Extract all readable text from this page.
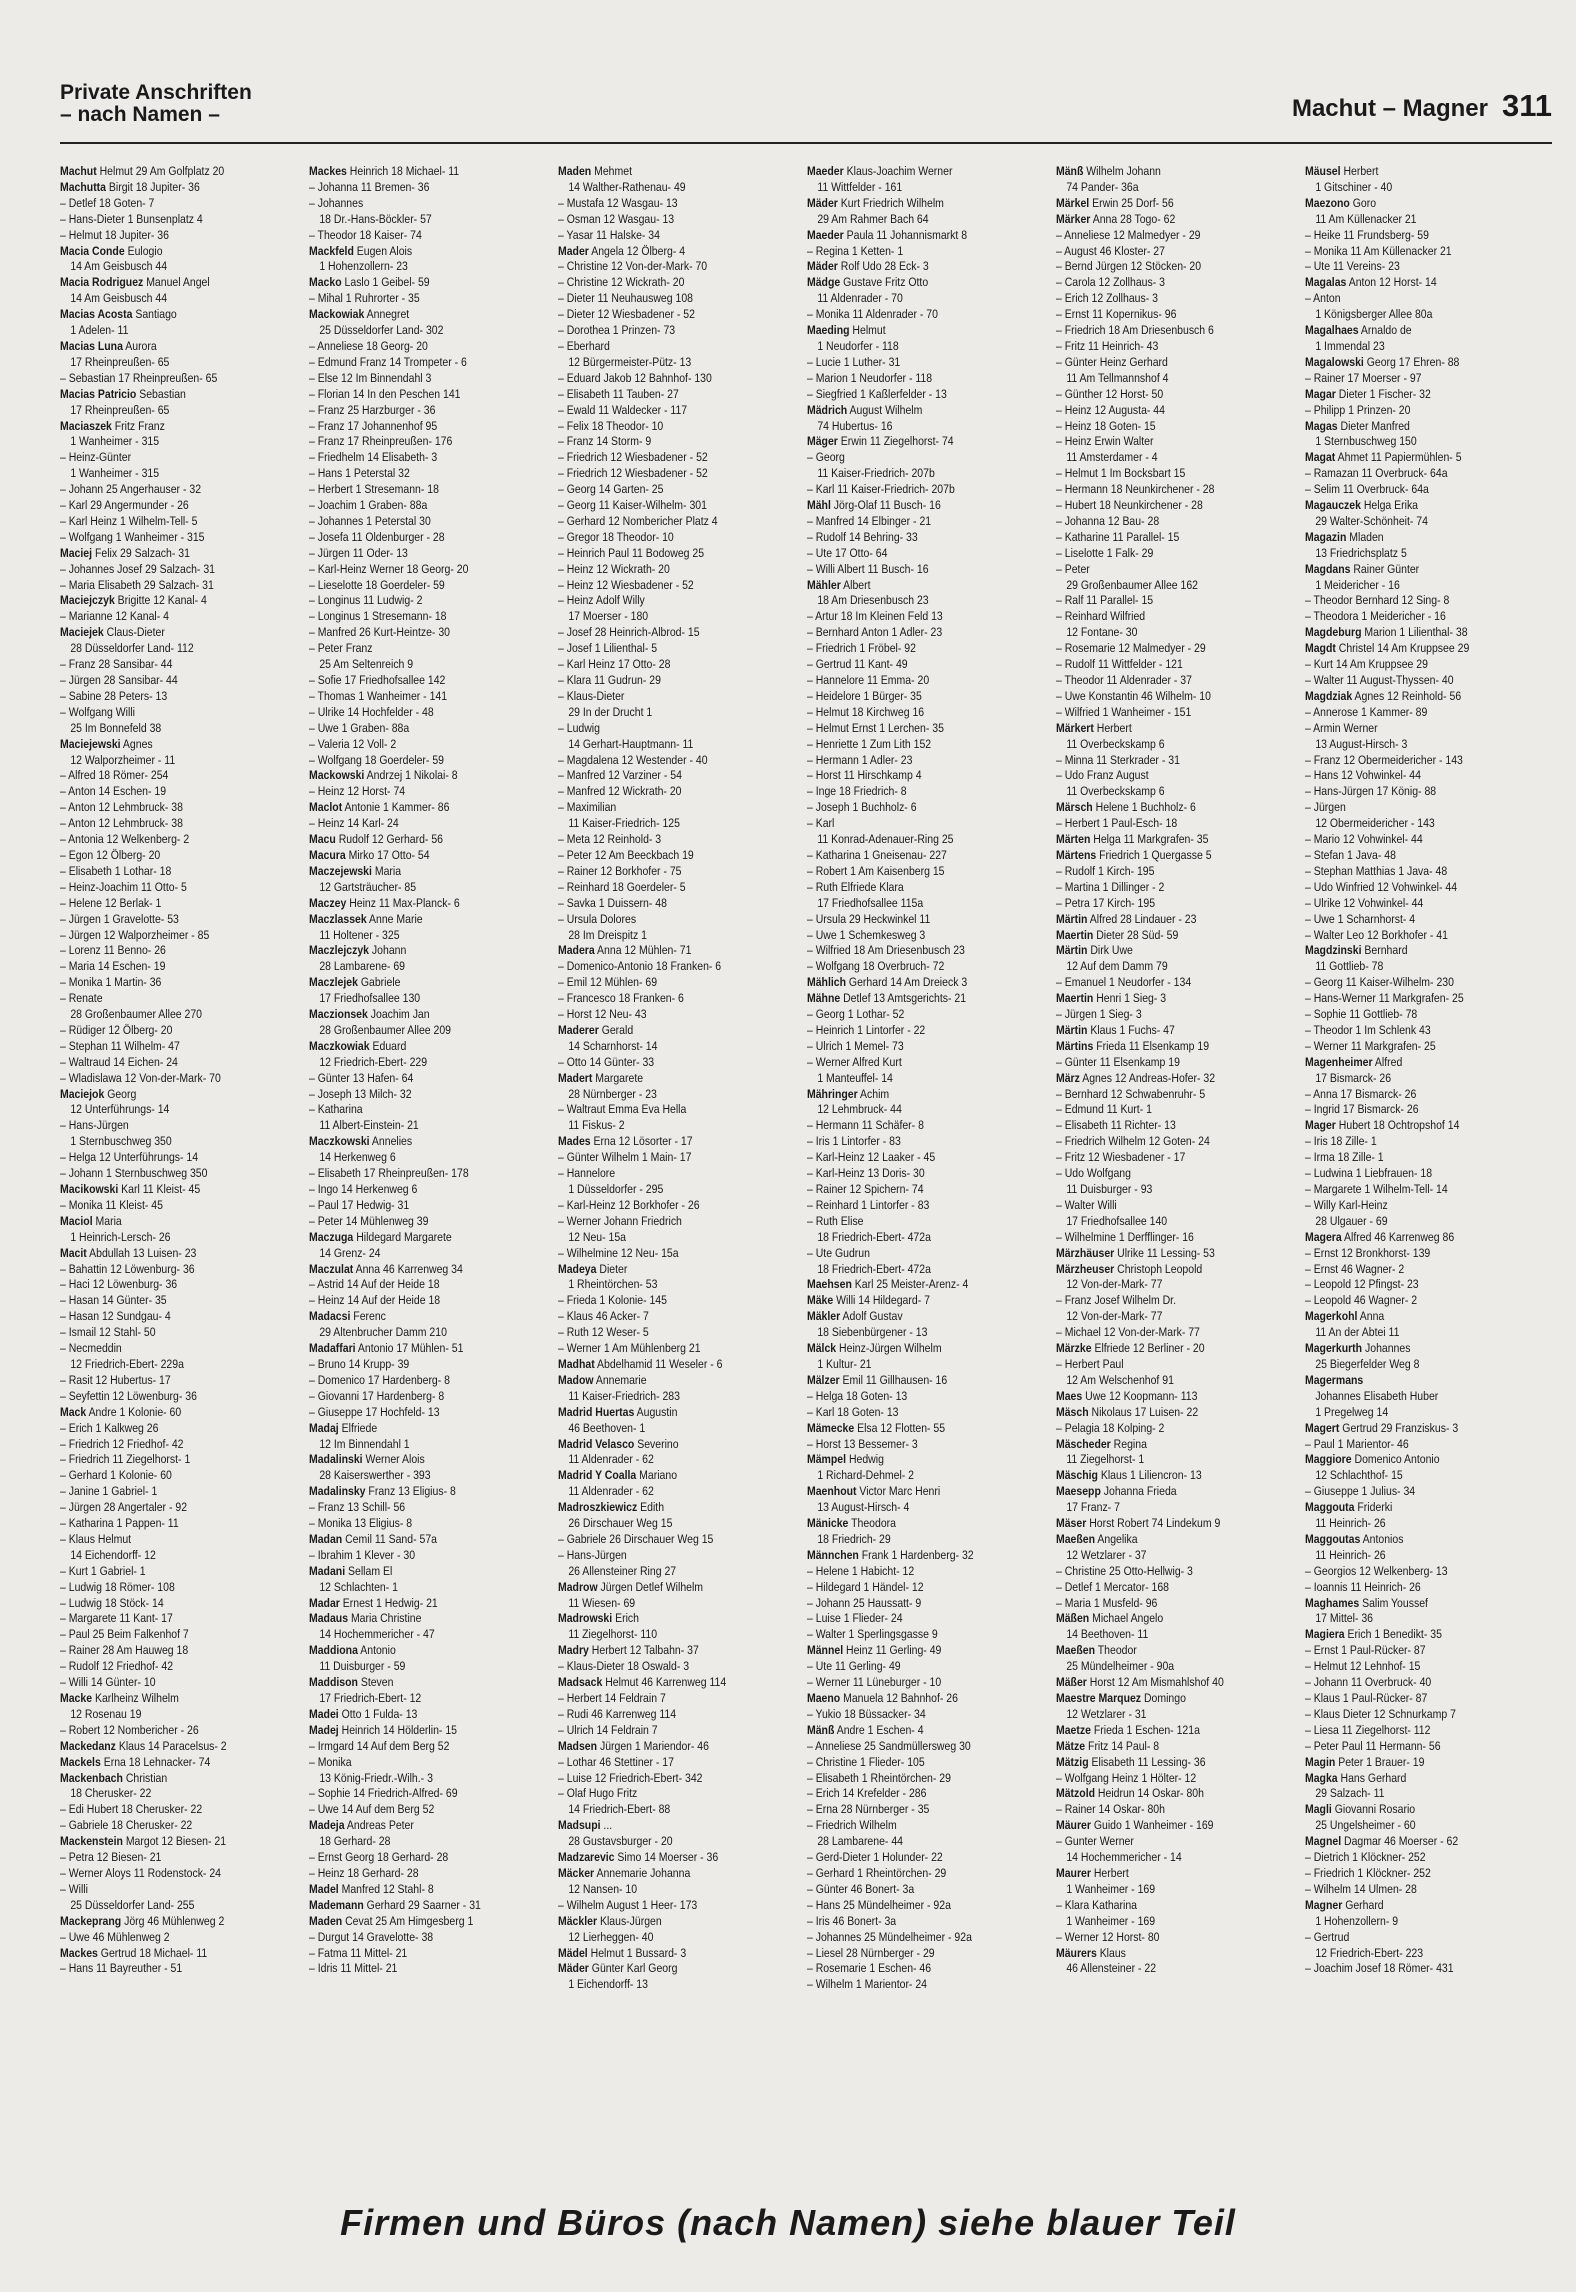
Private Anschriften
– nach Namen –	Machut – Magner 311
Machut Helmut 29 Am Golfplatz 20
Machutta Birgit 18 Jupiter- 36
– Detlef 18 Goten- 7
– Hans-Dieter 1 Bunsenplatz 4
– Helmut 18 Jupiter- 36
Macia Conde Eulogio
14 Am Geisbusch 44
Macia Rodriguez Manuel Angel
14 Am Geisbusch 44
Macias Acosta Santiago
1 Adelen- 11
Macias Luna Aurora
17 Rheinpreußen- 65
– Sebastian 17 Rheinpreußen- 65
Macias Patricio Sebastian
17 Rheinpreußen- 65
Maciaszek Fritz Franz
1 Wanheimer - 315
– Heinz-Günter
1 Wanheimer - 315
– Johann 25 Angerhauser - 32
– Karl 29 Angermunder - 26
– Karl Heinz 1 Wilhelm-Tell- 5
– Wolfgang 1 Wanheimer - 315
Maciej Felix 29 Salzach- 31
– Johannes Josef 29 Salzach- 31
– Maria Elisabeth 29 Salzach- 31
Maciejczyk Brigitte 12 Kanal- 4
– Marianne 12 Kanal- 4
Maciejek Claus-Dieter
28 Düsseldorfer Land- 112
– Franz 28 Sansibar- 44
– Jürgen 28 Sansibar- 44
– Sabine 28 Peters- 13
– Wolfgang Willi
25 Im Bonnefeld 38
Maciejewski Agnes
12 Walporzheimer - 11
– Alfred 18 Römer- 254
– Anton 14 Eschen- 19
– Anton 12 Lehmbruck- 38
– Anton 12 Lehmbruck- 38
– Antonia 12 Welkenberg- 2
– Egon 12 Ölberg- 20
– Elisabeth 1 Lothar- 18
– Heinz-Joachim 11 Otto- 5
– Helene 12 Berlak- 1
– Jürgen 1 Gravelotte- 53
– Jürgen 12 Walporzheimer - 85
– Lorenz 11 Benno- 26
– Maria 14 Eschen- 19
– Monika 1 Martin- 36
– Renate
28 Großenbaumer Allee 270
– Rüdiger 12 Ölberg- 20
– Stephan 11 Wilhelm- 47
– Waltraud 14 Eichen- 24
– Wladislawa 12 Von-der-Mark- 70
Maciejok Georg
12 Unterführungs- 14
– Hans-Jürgen
1 Sternbuschweg 350
– Helga 12 Unterführungs- 14
– Johann 1 Sternbuschweg 350
Macikowski Karl 11 Kleist- 45
– Monika 11 Kleist- 45
Maciol Maria
1 Heinrich-Lersch- 26
Macit Abdullah 13 Luisen- 23
– Bahattin 12 Löwenburg- 36
– Haci 12 Löwenburg- 36
– Hasan 14 Günter- 35
– Hasan 12 Sundgau- 4
– Ismail 12 Stahl- 50
– Necmeddin
12 Friedrich-Ebert- 229a
– Rasit 12 Hubertus- 17
– Seyfettin 12 Löwenburg- 36
Mack Andre 1 Kolonie- 60
– Erich 1 Kalkweg 26
– Friedrich 12 Friedhof- 42
– Friedrich 11 Ziegelhorst- 1
– Gerhard 1 Kolonie- 60
– Janine 1 Gabriel- 1
– Jürgen 28 Angertaler - 92
– Katharina 1 Pappen- 11
– Klaus Helmut
14 Eichendorff- 12
– Kurt 1 Gabriel- 1
– Ludwig 18 Römer- 108
– Ludwig 18 Stöck- 14
– Margarete 11 Kant- 17
– Paul 25 Beim Falkenhof 7
– Rainer 28 Am Hauweg 18
– Rudolf 12 Friedhof- 42
– Willi 14 Günter- 10
Macke Karlheinz Wilhelm
12 Rosenau 19
– Robert 12 Nombericher - 26
Mackedanz Klaus 14 Paracelsus- 2
Mackels Erna 18 Lehnacker- 74
Mackenbach Christian
18 Cherusker- 22
– Edi Hubert 18 Cherusker- 22
– Gabriele 18 Cherusker- 22
Mackenstein Margot 12 Biesen- 21
– Petra 12 Biesen- 21
– Werner Aloys 11 Rodenstock- 24
– Willi
25 Düsseldorfer Land- 255
Mackeprang Jörg 46 Mühlenweg 2
– Uwe 46 Mühlenweg 2
Mackes Gertrud 18 Michael- 11
– Hans 11 Bayreuther - 51
Mackes Heinrich 18 Michael- 11
– Johanna 11 Bremen- 36
– Johannes
18 Dr.-Hans-Böckler- 57
– Theodor 18 Kaiser- 74
Mackfeld Eugen Alois
1 Hohenzollern- 23
Macko Laslo 1 Geibel- 59
– Mihal 1 Ruhrorter - 35
Mackowiak Annegret
25 Düsseldorfer Land- 302
– Anneliese 18 Georg- 20
– Edmund Franz 14 Trompeter - 6
– Else 12 Im Binnendahl 3
– Florian 14 In den Peschen 141
– Franz 25 Harzburger - 36
– Franz 17 Johannenhof 95
– Franz 17 Rheinpreußen- 176
– Friedhelm 14 Elisabeth- 3
– Hans 1 Peterstal 32
– Herbert 1 Stresemann- 18
– Joachim 1 Graben- 88a
– Johannes 1 Peterstal 30
– Josefa 11 Oldenburger - 28
– Jürgen 11 Oder- 13
– Karl-Heinz Werner 18 Georg- 20
– Lieselotte 18 Goerdeler- 59
– Longinus 11 Ludwig- 2
– Longinus 1 Stresemann- 18
– Manfred 26 Kurt-Heintze- 30
– Peter Franz
25 Am Seltenreich 9
– Sofie 17 Friedhofsallee 142
– Thomas 1 Wanheimer - 141
– Ulrike 14 Hochfelder - 48
– Uwe 1 Graben- 88a
– Valeria 12 Voll- 2
– Wolfgang 18 Goerdeler- 59
Mackowski Andrzej 1 Nikolai- 8
– Heinz 12 Horst- 74
Maclot Antonie 1 Kammer- 86
– Heinz 14 Karl- 24
Macu Rudolf 12 Gerhard- 56
Macura Mirko 17 Otto- 54
Maczejewski Maria
12 Gartsträucher- 85
Maczey Heinz 11 Max-Planck- 6
Maczlassek Anne Marie
11 Holtener - 325
Maczlejczyk Johann
28 Lambarene- 69
Maczlejek Gabriele
17 Friedhofsallee 130
Maczionsek Joachim Jan
28 Großenbaumer Allee 209
Maczkowiak Eduard
12 Friedrich-Ebert- 229
– Günter 13 Hafen- 64
– Joseph 13 Milch- 32
– Katharina
11 Albert-Einstein- 21
Maczkowski Annelies
14 Herkenweg 6
– Elisabeth 17 Rheinpreußen- 178
– Ingo 14 Herkenweg 6
– Paul 17 Hedwig- 31
– Peter 14 Mühlenweg 39
Maczuga Hildegard Margarete
14 Grenz- 24
Maczulat Anna 46 Karrenweg 34
– Astrid 14 Auf der Heide 18
– Heinz 14 Auf der Heide 18
Madacsi Ferenc
29 Altenbrucher Damm 210
Madaffari Antonio 17 Mühlen- 51
– Bruno 14 Krupp- 39
– Domenico 17 Hardenberg- 8
– Giovanni 17 Hardenberg- 8
– Giuseppe 17 Hochfeld- 13
Madaj Elfriede
12 Im Binnendahl 1
Madalinski Werner Alois
28 Kaiserswerther - 393
Madalinsky Franz 13 Eligius- 8
– Franz 13 Schill- 56
– Monika 13 Eligius- 8
Madan Cemil 11 Sand- 57a
– Ibrahim 1 Klever - 30
Madani Sellam El
12 Schlachten- 1
Madar Ernest 1 Hedwig- 21
Madaus Maria Christine
14 Hochemmericher - 47
Maddiona Antonio
11 Duisburger - 59
Maddison Steven
17 Friedrich-Ebert- 12
Madei Otto 1 Fulda- 13
Madej Heinrich 14 Hölderlin- 15
– Irmgard 14 Auf dem Berg 52
– Monika
13 König-Friedr.-Wilh.- 3
– Sophie 14 Friedrich-Alfred- 69
– Uwe 14 Auf dem Berg 52
Madeja Andreas Peter
18 Gerhard- 28
– Ernst Georg 18 Gerhard- 28
– Heinz 18 Gerhard- 28
Madel Manfred 12 Stahl- 8
Mademann Gerhard 29 Saarner - 31
Maden Cevat 25 Am Himgesberg 1
– Durgut 14 Gravelotte- 38
– Fatma 11 Mittel- 21
– Idris 11 Mittel- 21
Maden Mehmet
14 Walther-Rathenau- 49
– Mustafa 12 Wasgau- 13
– Osman 12 Wasgau- 13
– Yasar 11 Halske- 34
Mader Angela 12 Ölberg- 4
– Christine 12 Von-der-Mark- 70
– Christine 12 Wickrath- 20
– Dieter 11 Neuhausweg 108
– Dieter 12 Wiesbadener - 52
– Dorothea 1 Prinzen- 73
– Eberhard
12 Bürgermeister-Pütz- 13
– Eduard Jakob 12 Bahnhof- 130
– Elisabeth 11 Tauben- 27
– Ewald 11 Waldecker - 117
– Felix 18 Theodor- 10
– Franz 14 Storm- 9
– Friedrich 12 Wiesbadener - 52
– Friedrich 12 Wiesbadener - 52
– Georg 14 Garten- 25
– Georg 11 Kaiser-Wilhelm- 301
– Gerhard 12 Nombericher Platz 4
– Gregor 18 Theodor- 10
– Heinrich Paul 11 Bodoweg 25
– Heinz 12 Wickrath- 20
– Heinz 12 Wiesbadener - 52
– Heinz Adolf Willy
17 Moerser - 180
– Josef 28 Heinrich-Albrod- 15
– Josef 1 Lilienthal- 5
– Karl Heinz 17 Otto- 28
– Klara 11 Gudrun- 29
– Klaus-Dieter
29 In der Drucht 1
– Ludwig
14 Gerhart-Hauptmann- 11
– Magdalena 12 Westender - 40
– Manfred 12 Varziner - 54
– Manfred 12 Wickrath- 20
– Maximilian
11 Kaiser-Friedrich- 125
– Meta 12 Reinhold- 3
– Peter 12 Am Beeckbach 19
– Rainer 12 Borkhofer - 75
– Reinhard 18 Goerdeler- 5
– Savka 1 Duissern- 48
– Ursula Dolores
28 Im Dreispitz 1
Madera Anna 12 Mühlen- 71
– Domenico-Antonio 18 Franken- 6
– Emil 12 Mühlen- 69
– Francesco 18 Franken- 6
– Horst 12 Neu- 43
Maderer Gerald
14 Scharnhorst- 14
– Otto 14 Günter- 33
Madert Margarete
28 Nürnberger - 23
– Waltraut Emma Eva Hella
11 Fiskus- 2
Mades Erna 12 Lösorter - 17
– Günter Wilhelm 1 Main- 17
– Hannelore
1 Düsseldorfer - 295
– Karl-Heinz 12 Borkhofer - 26
– Werner Johann Friedrich
12 Neu- 15a
– Wilhelmine 12 Neu- 15a
Madeya Dieter
1 Rheintörchen- 53
– Frieda 1 Kolonie- 145
– Klaus 46 Acker- 7
– Ruth 12 Weser- 5
– Werner 1 Am Mühlenberg 21
Madhat Abdelhamid 11 Weseler - 6
Madow Annemarie
11 Kaiser-Friedrich- 283
Madrid Huertas Augustin
46 Beethoven- 1
Madrid Velasco Severino
11 Aldenrader - 62
Madrid Y Coalla Mariano
11 Aldenrader - 62
Madroszkiewicz Edith
26 Dirschauer Weg 15
– Gabriele 26 Dirschauer Weg 15
– Hans-Jürgen
26 Allensteiner Ring 27
Madrow Jürgen Detlef Wilhelm
11 Wiesen- 69
Madrowski Erich
11 Ziegelhorst- 110
Madry Herbert 12 Talbahn- 37
– Klaus-Dieter 18 Oswald- 3
Madsack Helmut 46 Karrenweg 114
– Herbert 14 Feldrain 7
– Rudi 46 Karrenweg 114
– Ulrich 14 Feldrain 7
Madsen Jürgen 1 Mariendor- 46
– Lothar 46 Stettiner - 17
– Luise 12 Friedrich-Ebert- 342
– Olaf Hugo Fritz
14 Friedrich-Ebert- 88
Madsupi ...
28 Gustavsburger - 20
Madzarevic Simo 14 Moerser - 36
Mäcker Annemarie Johanna
12 Nansen- 10
– Wilhelm August 1 Heer- 173
Mäckler Klaus-Jürgen
12 Lierheggen- 40
Mädel Helmut 1 Bussard- 3
Mäder Günter Karl Georg
1 Eichendorff- 13
Maeder Klaus-Joachim Werner
11 Wittfelder - 161
Mäder Kurt Friedrich Wilhelm
29 Am Rahmer Bach 64
Maeder Paula 11 Johannismarkt 8
– Regina 1 Ketten- 1
Mäder Rolf Udo 28 Eck- 3
Mädge Gustave Fritz Otto
11 Aldenrader - 70
– Monika 11 Aldenrader - 70
Maeding Helmut
1 Neudorfer - 118
– Lucie 1 Luther- 31
– Marion 1 Neudorfer - 118
– Siegfried 1 Kaßlerfelder - 13
Mädrich August Wilhelm
74 Hubertus- 16
Mäger Erwin 11 Ziegelhorst- 74
– Georg
11 Kaiser-Friedrich- 207b
– Karl 11 Kaiser-Friedrich- 207b
Mähl Jörg-Olaf 11 Busch- 16
– Manfred 14 Elbinger - 21
– Rudolf 14 Behring- 33
– Ute 17 Otto- 64
– Willi Albert 11 Busch- 16
Mähler Albert
18 Am Driesenbusch 23
– Artur 18 Im Kleinen Feld 13
– Bernhard Anton 1 Adler- 23
– Friedrich 1 Fröbel- 92
– Gertrud 11 Kant- 49
– Hannelore 11 Emma- 20
– Heidelore 1 Bürger- 35
– Helmut 18 Kirchweg 16
– Helmut Ernst 1 Lerchen- 35
– Henriette 1 Zum Lith 152
– Hermann 1 Adler- 23
– Horst 11 Hirschkamp 4
– Inge 18 Friedrich- 8
– Joseph 1 Buchholz- 6
– Karl
11 Konrad-Adenauer-Ring 25
– Katharina 1 Gneisenau- 227
– Robert 1 Am Kaisenberg 15
– Ruth Elfriede Klara
17 Friedhofsallee 115a
– Ursula 29 Heckwinkel 11
– Uwe 1 Schemkesweg 3
– Wilfried 18 Am Driesenbusch 23
– Wolfgang 18 Overbruch- 72
Mählich Gerhard 14 Am Dreieck 3
Mähne Detlef 13 Amtsgerichts- 21
– Georg 1 Lothar- 52
– Heinrich 1 Lintorfer - 22
– Ulrich 1 Memel- 73
– Werner Alfred Kurt
1 Manteuffel- 14
Mähringer Achim
12 Lehmbruck- 44
– Hermann 11 Schäfer- 8
– Iris 1 Lintorfer - 83
– Karl-Heinz 12 Laaker - 45
– Karl-Heinz 13 Doris- 30
– Rainer 12 Spichern- 74
– Reinhard 1 Lintorfer - 83
– Ruth Elise
18 Friedrich-Ebert- 472a
– Ute Gudrun
18 Friedrich-Ebert- 472a
Maehsen Karl 25 Meister-Arenz- 4
Mäke Willi 14 Hildegard- 7
Mäkler Adolf Gustav
18 Siebenbürgener - 13
Mälck Heinz-Jürgen Wilhelm
1 Kultur- 21
Mälzer Emil 11 Gillhausen- 16
– Helga 18 Goten- 13
– Karl 18 Goten- 13
Mämecke Elsa 12 Flotten- 55
– Horst 13 Bessemer- 3
Mämpel Hedwig
1 Richard-Dehmel- 2
Maenhout Victor Marc Henri
13 August-Hirsch- 4
Mänicke Theodora
18 Friedrich- 29
Männchen Frank 1 Hardenberg- 32
– Helene 1 Habicht- 12
– Hildegard 1 Händel- 12
– Johann 25 Haussatt- 9
– Luise 1 Flieder- 24
– Walter 1 Sperlingsgasse 9
Männel Heinz 11 Gerling- 49
– Ute 11 Gerling- 49
– Werner 11 Lüneburger - 10
Maeno Manuela 12 Bahnhof- 26
– Yukio 18 Büssacker- 34
Mänß Andre 1 Eschen- 4
– Anneliese 25 Sandmüllersweg 30
– Christine 1 Flieder- 105
– Elisabeth 1 Rheintörchen- 29
– Erich 14 Krefelder - 286
– Erna 28 Nürnberger - 35
– Friedrich Wilhelm
28 Lambarene- 44
– Gerd-Dieter 1 Holunder- 22
– Gerhard 1 Rheintörchen- 29
– Günter 46 Bonert- 3a
– Hans 25 Mündelheimer - 92a
– Iris 46 Bonert- 3a
– Johannes 25 Mündelheimer - 92a
– Liesel 28 Nürnberger - 29
– Rosemarie 1 Eschen- 46
– Wilhelm 1 Marientor- 24
Mänß Wilhelm Johann
74 Pander- 36a
Märkel Erwin 25 Dorf- 56
Märker Anna 28 Togo- 62
– Anneliese 12 Malmedyer - 29
– August 46 Kloster- 27
– Bernd Jürgen 12 Stöcken- 20
– Carola 12 Zollhaus- 3
– Erich 12 Zollhaus- 3
– Ernst 11 Kopernikus- 96
– Friedrich 18 Am Driesenbusch 6
– Fritz 11 Heinrich- 43
– Günter Heinz Gerhard
11 Am Tellmannshof 4
– Günther 12 Horst- 50
– Heinz 12 Augusta- 44
– Heinz 18 Goten- 15
– Heinz Erwin Walter
11 Amsterdamer - 4
– Helmut 1 Im Bocksbart 15
– Hermann 18 Neunkirchener - 28
– Hubert 18 Neunkirchener - 28
– Johanna 12 Bau- 28
– Katharine 11 Parallel- 15
– Liselotte 1 Falk- 29
– Peter
29 Großenbaumer Allee 162
– Ralf 11 Parallel- 15
– Reinhard Wilfried
12 Fontane- 30
– Rosemarie 12 Malmedyer - 29
– Rudolf 11 Wittfelder - 121
– Theodor 11 Aldenrader - 37
– Uwe Konstantin 46 Wilhelm- 10
– Wilfried 1 Wanheimer - 151
Märkert Herbert
11 Overbeckskamp 6
– Minna 11 Sterkrader - 31
– Udo Franz August
11 Overbeckskamp 6
Märsch Helene 1 Buchholz- 6
– Herbert 1 Paul-Esch- 18
Märten Helga 11 Markgrafen- 35
Märtens Friedrich 1 Quergasse 5
– Rudolf 1 Kirch- 195
– Martina 1 Dillinger - 2
– Petra 17 Kirch- 195
Märtin Alfred 28 Lindauer - 23
Maertin Dieter 28 Süd- 59
Märtin Dirk Uwe
12 Auf dem Damm 79
– Emanuel 1 Neudorfer - 134
Maertin Henri 1 Sieg- 3
– Jürgen 1 Sieg- 3
Märtin Klaus 1 Fuchs- 47
Märtins Frieda 11 Elsenkamp 19
– Günter 11 Elsenkamp 19
März Agnes 12 Andreas-Hofer- 32
– Bernhard 12 Schwabenruhr- 5
– Edmund 11 Kurt- 1
– Elisabeth 11 Richter- 13
– Friedrich Wilhelm 12 Goten- 24
– Fritz 12 Wiesbadener - 17
– Udo Wolfgang
11 Duisburger - 93
– Walter Willi
17 Friedhofsallee 140
– Wilhelmine 1 Derfflinger- 16
Märzhäuser Ulrike 11 Lessing- 53
Märzheuser Christoph Leopold
12 Von-der-Mark- 77
– Franz Josef Wilhelm Dr.
12 Von-der-Mark- 77
– Michael 12 Von-der-Mark- 77
Märzke Elfriede 12 Berliner - 20
– Herbert Paul
12 Am Welschenhof 91
Maes Uwe 12 Koopmann- 113
Mäsch Nikolaus 17 Luisen- 22
– Pelagia 18 Kolping- 2
Mäscheder Regina
11 Ziegelhorst- 1
Mäschig Klaus 1 Liliencron- 13
Maesepp Johanna Frieda
17 Franz- 7
Mäser Horst Robert 74 Lindekum 9
Maeßen Angelika
12 Wetzlarer - 37
– Christine 25 Otto-Hellwig- 3
– Detlef 1 Mercator- 168
– Maria 1 Musfeld- 96
Mäßen Michael Angelo
14 Beethoven- 11
Maeßen Theodor
25 Mündelheimer - 90a
Mäßer Horst 12 Am Mismahlshof 40
Maestre Marquez Domingo
12 Wetzlarer - 31
Maetze Frieda 1 Eschen- 121a
Mätze Fritz 14 Paul- 8
Mätzig Elisabeth 11 Lessing- 36
– Wolfgang Heinz 1 Hölter- 12
Mätzold Heidrun 14 Oskar- 80h
– Rainer 14 Oskar- 80h
Mäurer Guido 1 Wanheimer - 169
– Gunter Werner
14 Hochemmericher - 14
Maurer Herbert
1 Wanheimer - 169
– Klara Katharina
1 Wanheimer - 169
– Werner 12 Horst- 80
Mäurers Klaus
46 Allensteiner - 22
Mäusel Herbert
1 Gitschiner - 40
Maezono Goro
11 Am Küllenacker 21
– Heike 11 Frundsberg- 59
– Monika 11 Am Küllenacker 21
– Ute 11 Vereins- 23
Magalas Anton 12 Horst- 14
– Anton
1 Königsberger Allee 80a
Magalhaes Arnaldo de
1 Immendal 23
Magalowski Georg 17 Ehren- 88
– Rainer 17 Moerser - 97
Magar Dieter 1 Fischer- 32
– Philipp 1 Prinzen- 20
Magas Dieter Manfred
1 Sternbuschweg 150
Magat Ahmet 11 Papiermühlen- 5
– Ramazan 11 Overbruck- 64a
– Selim 11 Overbruck- 64a
Magauczek Helga Erika
29 Walter-Schönheit- 74
Magazin Mladen
13 Friedrichsplatz 5
Magdans Rainer Günter
1 Meidericher - 16
– Theodor Bernhard 12 Sing- 8
– Theodora 1 Meidericher - 16
Magdeburg Marion 1 Lilienthal- 38
Magdt Christel 14 Am Kruppsee 29
– Kurt 14 Am Kruppsee 29
– Walter 11 August-Thyssen- 40
Magdziak Agnes 12 Reinhold- 56
– Annerose 1 Kammer- 89
– Armin Werner
13 August-Hirsch- 3
– Franz 12 Obermeidericher - 143
– Hans 12 Vohwinkel- 44
– Hans-Jürgen 17 König- 88
– Jürgen
12 Obermeidericher - 143
– Mario 12 Vohwinkel- 44
– Stefan 1 Java- 48
– Stephan Matthias 1 Java- 48
– Udo Winfried 12 Vohwinkel- 44
– Ulrike 12 Vohwinkel- 44
– Uwe 1 Scharnhorst- 4
– Walter Leo 12 Borkhofer - 41
Magdzinski Bernhard
11 Gottlieb- 78
– Georg 11 Kaiser-Wilhelm- 230
– Hans-Werner 11 Markgrafen- 25
– Sophie 11 Gottlieb- 78
– Theodor 1 Im Schlenk 43
– Werner 11 Markgrafen- 25
Magenheimer Alfred
17 Bismarck- 26
– Anna 17 Bismarck- 26
– Ingrid 17 Bismarck- 26
Mager Hubert 18 Ochtropshof 14
– Iris 18 Zille- 1
– Irma 18 Zille- 1
– Ludwina 1 Liebfrauen- 18
– Margarete 1 Wilhelm-Tell- 14
– Willy Karl-Heinz
28 Ulgauer - 69
Magera Alfred 46 Karrenweg 86
– Ernst 12 Bronkhorst- 139
– Ernst 46 Wagner- 2
– Leopold 12 Pfingst- 23
– Leopold 46 Wagner- 2
Magerkohl Anna
11 An der Abtei 11
Magerkurth Johannes
25 Biegerfelder Weg 8
Magermans
Johannes Elisabeth Huber
1 Pregelweg 14
Magert Gertrud 29 Franziskus- 3
– Paul 1 Marientor- 46
Maggiore Domenico Antonio
12 Schlachthof- 15
– Giuseppe 1 Julius- 34
Maggouta Friderki
11 Heinrich- 26
Maggoutas Antonios
11 Heinrich- 26
– Georgios 12 Welkenberg- 13
– Ioannis 11 Heinrich- 26
Maghames Salim Youssef
17 Mittel- 36
Magiera Erich 1 Benedikt- 35
– Ernst 1 Paul-Rücker- 87
– Helmut 12 Lehnhof- 15
– Johann 11 Overbruck- 40
– Klaus 1 Paul-Rücker- 87
– Klaus Dieter 12 Schnurkamp 7
– Liesa 11 Ziegelhorst- 112
– Peter Paul 11 Hermann- 56
Magin Peter 1 Brauer- 19
Magka Hans Gerhard
29 Salzach- 11
Magli Giovanni Rosario
25 Ungelsheimer - 60
Magnel Dagmar 46 Moerser - 62
– Dietrich 1 Klöckner- 252
– Friedrich 1 Klöckner- 252
– Wilhelm 14 Ulmen- 28
Magner Gerhard
1 Hohenzollern- 9
– Gertrud
12 Friedrich-Ebert- 223
– Joachim Josef 18 Römer- 431
Firmen und Büros (nach Namen) siehe blauer Teil
